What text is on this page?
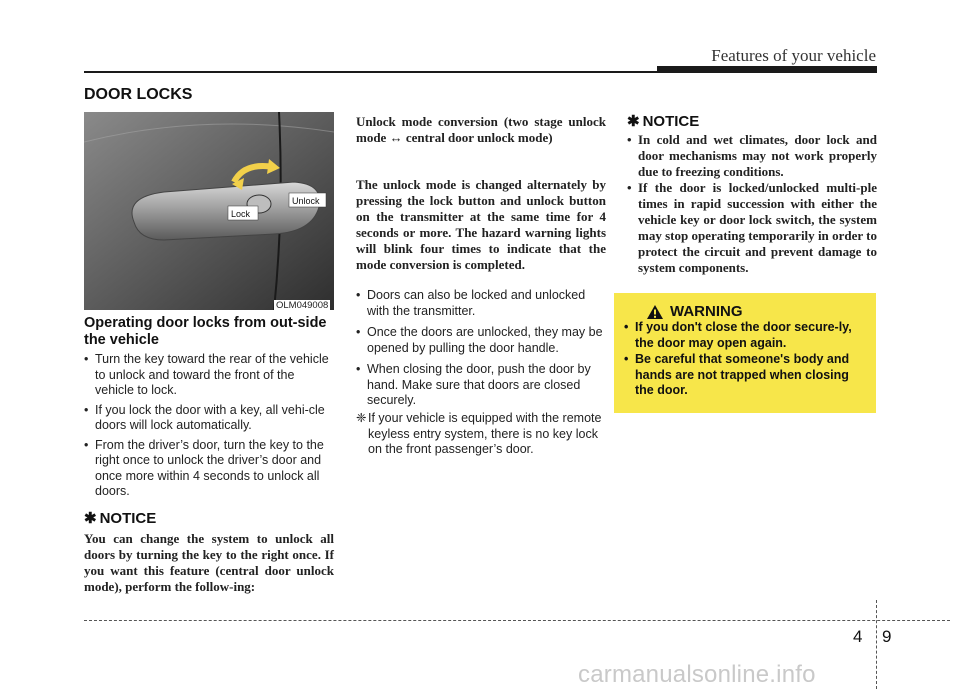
Features of your vehicle
DOOR LOCKS
Lock
Unlock
OLM049008
Operating door locks from out-side the vehicle
• Turn the key toward the rear of the vehicle to unlock and toward the front of the vehicle to lock.
• If you lock the door with a key, all vehi-cle doors will lock automatically.
• From the driver’s door, turn the key to the right once to unlock the driver’s door and once more within 4 seconds to unlock all doors.
✱ NOTICE
You can change the system to unlock all doors by turning the key to the right once. If you want this feature (central door unlock mode), perform the follow-ing:
Unlock mode conversion (two stage unlock mode ↔ central door unlock mode)
The unlock mode is changed alternately by pressing the lock button and unlock button on the transmitter at the same time for 4 seconds or more. The hazard warning lights will blink four times to indicate that the mode conversion is completed.
• Doors can also be locked and unlocked with the transmitter.
• Once the doors are unlocked, they may be opened by pulling the door handle.
• When closing the door, push the door by hand. Make sure that doors are closed securely.
❈ If your vehicle is equipped with the remote keyless entry system, there is no key lock on the front passenger’s door.
✱ NOTICE
• In cold and wet climates, door lock and door mechanisms may not work properly due to freezing conditions.
• If the door is locked/unlocked multi-ple times in rapid succession with either the vehicle key or door lock switch, the system may stop operating temporarily in order to protect the circuit and prevent damage to system components.
WARNING
• If you don't close the door secure-ly, the door may open again.
• Be careful that someone's body and hands are not trapped when closing the door.
4 9
carmanualsonline.info
